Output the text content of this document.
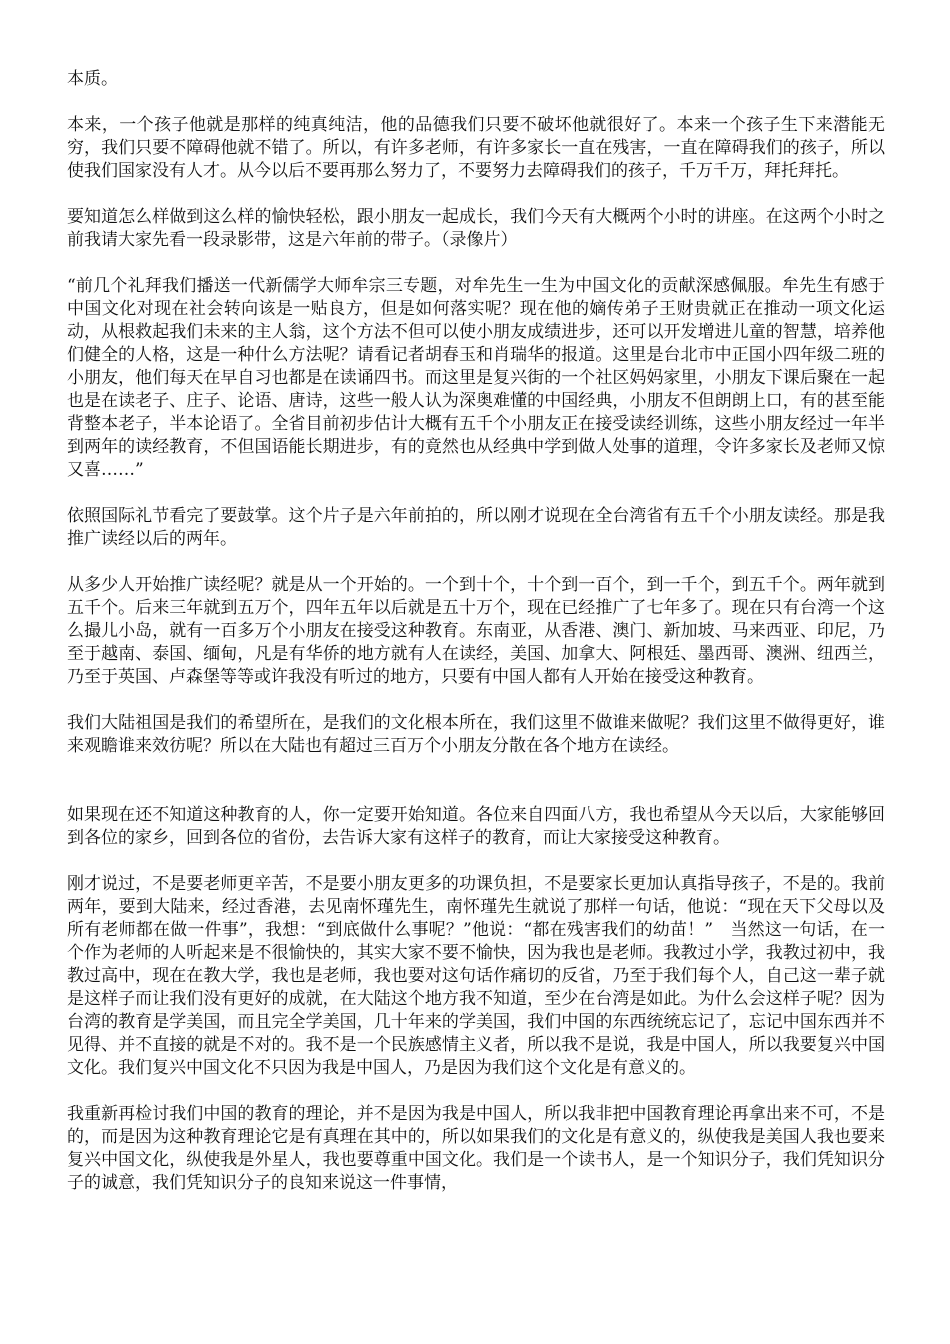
本质。

本来，一个孩子他就是那样的纯真纯洁，他的品德我们只要不破坏他就很好了。本来一个孩子生下来潜能无穷，我们只要不障碍他就不错了。所以，有许多老师，有许多家长一直在残害，一直在障碍我们的孩子，所以使我们国家没有人才。从今以后不要再那么努力了，不要努力去障碍我们的孩子，千万千万，拜托拜托。

要知道怎么样做到这么样的愉快轻松，跟小朋友一起成长，我们今天有大概两个小时的讲座。在这两个小时之前我请大家先看一段录影带，这是六年前的带子。（录像片）

“前几个礼拜我们播送一代新儒学大师牟宗三专题，对牟先生一生为中国文化的贡献深感佩服。牟先生有感于中国文化对现在社会转向该是一贴良方，但是如何落实呢？现在他的嫡传弟子王财贵就正在推动一项文化运动，从根救起我们未来的主人翁，这个方法不但可以使小朋友成绩进步，还可以开发增进儿童的智慧，培养他们健全的人格，这是一种什么方法呢？请看记者胡春玉和肖瑞华的报道。这里是台北市中正国小四年级二班的小朋友，他们每天在早自习也都是在读诵四书。而这里是复兴街的一个社区妈妈家里，小朋友下课后聚在一起也是在读老子、庄子、论语、唐诗，这些一般人认为深奥难懂的中国经典，小朋友不但朗朗上口，有的甚至能背整本老子，半本论语了。全省目前初步估计大概有五千个小朋友正在接受读经训练，这些小朋友经过一年半到两年的读经教育，不但国语能长期进步，有的竟然也从经典中学到做人处事的道理，令许多家长及老师又惊又喜……”

依照国际礼节看完了要鼓掌。这个片子是六年前拍的，所以刚才说现在全台湾省有五千个小朋友读经。那是我推广读经以后的两年。

从多少人开始推广读经呢？就是从一个开始的。一个到十个，十个到一百个，到一千个，到五千个。两年就到五千个。后来三年就到五万个，四年五年以后就是五十万个，现在已经推广了七年多了。现在只有台湾一个这么撮儿小岛，就有一百多万个小朋友在接受这种教育。东南亚，从香港、澳门、新加坡、马来西亚、印尼，乃至于越南、泰国、缅甸，凡是有华侨的地方就有人在读经，美国、加拿大、阿根廷、墨西哥、澳洲、纽西兰，乃至于英国、卢森堡等等或许我没有听过的地方，只要有中国人都有人开始在接受这种教育。

我们大陆祖国是我们的希望所在，是我们的文化根本所在，我们这里不做谁来做呢？我们这里不做得更好，谁来观瞻谁来效彷呢？所以在大陆也有超过三百万个小朋友分散在各个地方在读经。

如果现在还不知道这种教育的人，你一定要开始知道。各位来自四面八方，我也希望从今天以后，大家能够回到各位的家乡，回到各位的省份，去告诉大家有这样子的教育，而让大家接受这种教育。

刚才说过，不是要老师更辛苦，不是要小朋友更多的功课负担，不是要家长更加认真指导孩子，不是的。我前两年，要到大陆来，经过香港，去见南怀瑾先生，南怀瑾先生就说了那样一句话，他说：“现在天下父母以及所有老师都在做一件事”，我想：“到底做什么事呢？”他说：“都在残害我们的幼苗！”　当然这一句话，在一个作为老师的人听起来是不很愉快的，其实大家不要不愉快，因为我也是老师。我教过小学，我教过初中，我教过高中，现在在教大学，我也是老师，我也要对这句话作痛切的反省，乃至于我们每个人，自己这一辈子就是这样子而让我们没有更好的成就，在大陆这个地方我不知道，至少在台湾是如此。为什么会这样子呢？因为台湾的教育是学美国，而且完全学美国，几十年来的学美国，我们中国的东西统统忘记了，忘记中国东西并不见得、并不直接的就是不对的。我不是一个民族感情主义者，所以我不是说，我是中国人，所以我要复兴中国文化。我们复兴中国文化不只因为我是中国人，乃是因为我们这个文化是有意义的。

我重新再检讨我们中国的教育的理论，并不是因为我是中国人，所以我非把中国教育理论再拿出来不可，不是的，而是因为这种教育理论它是有真理在其中的，所以如果我们的文化是有意义的，纵使我是美国人我也要来复兴中国文化，纵使我是外星人，我也要尊重中国文化。我们是一个读书人，是一个知识分子，我们凭知识分子的诚意，我们凭知识分子的良知来说这一件事情，
